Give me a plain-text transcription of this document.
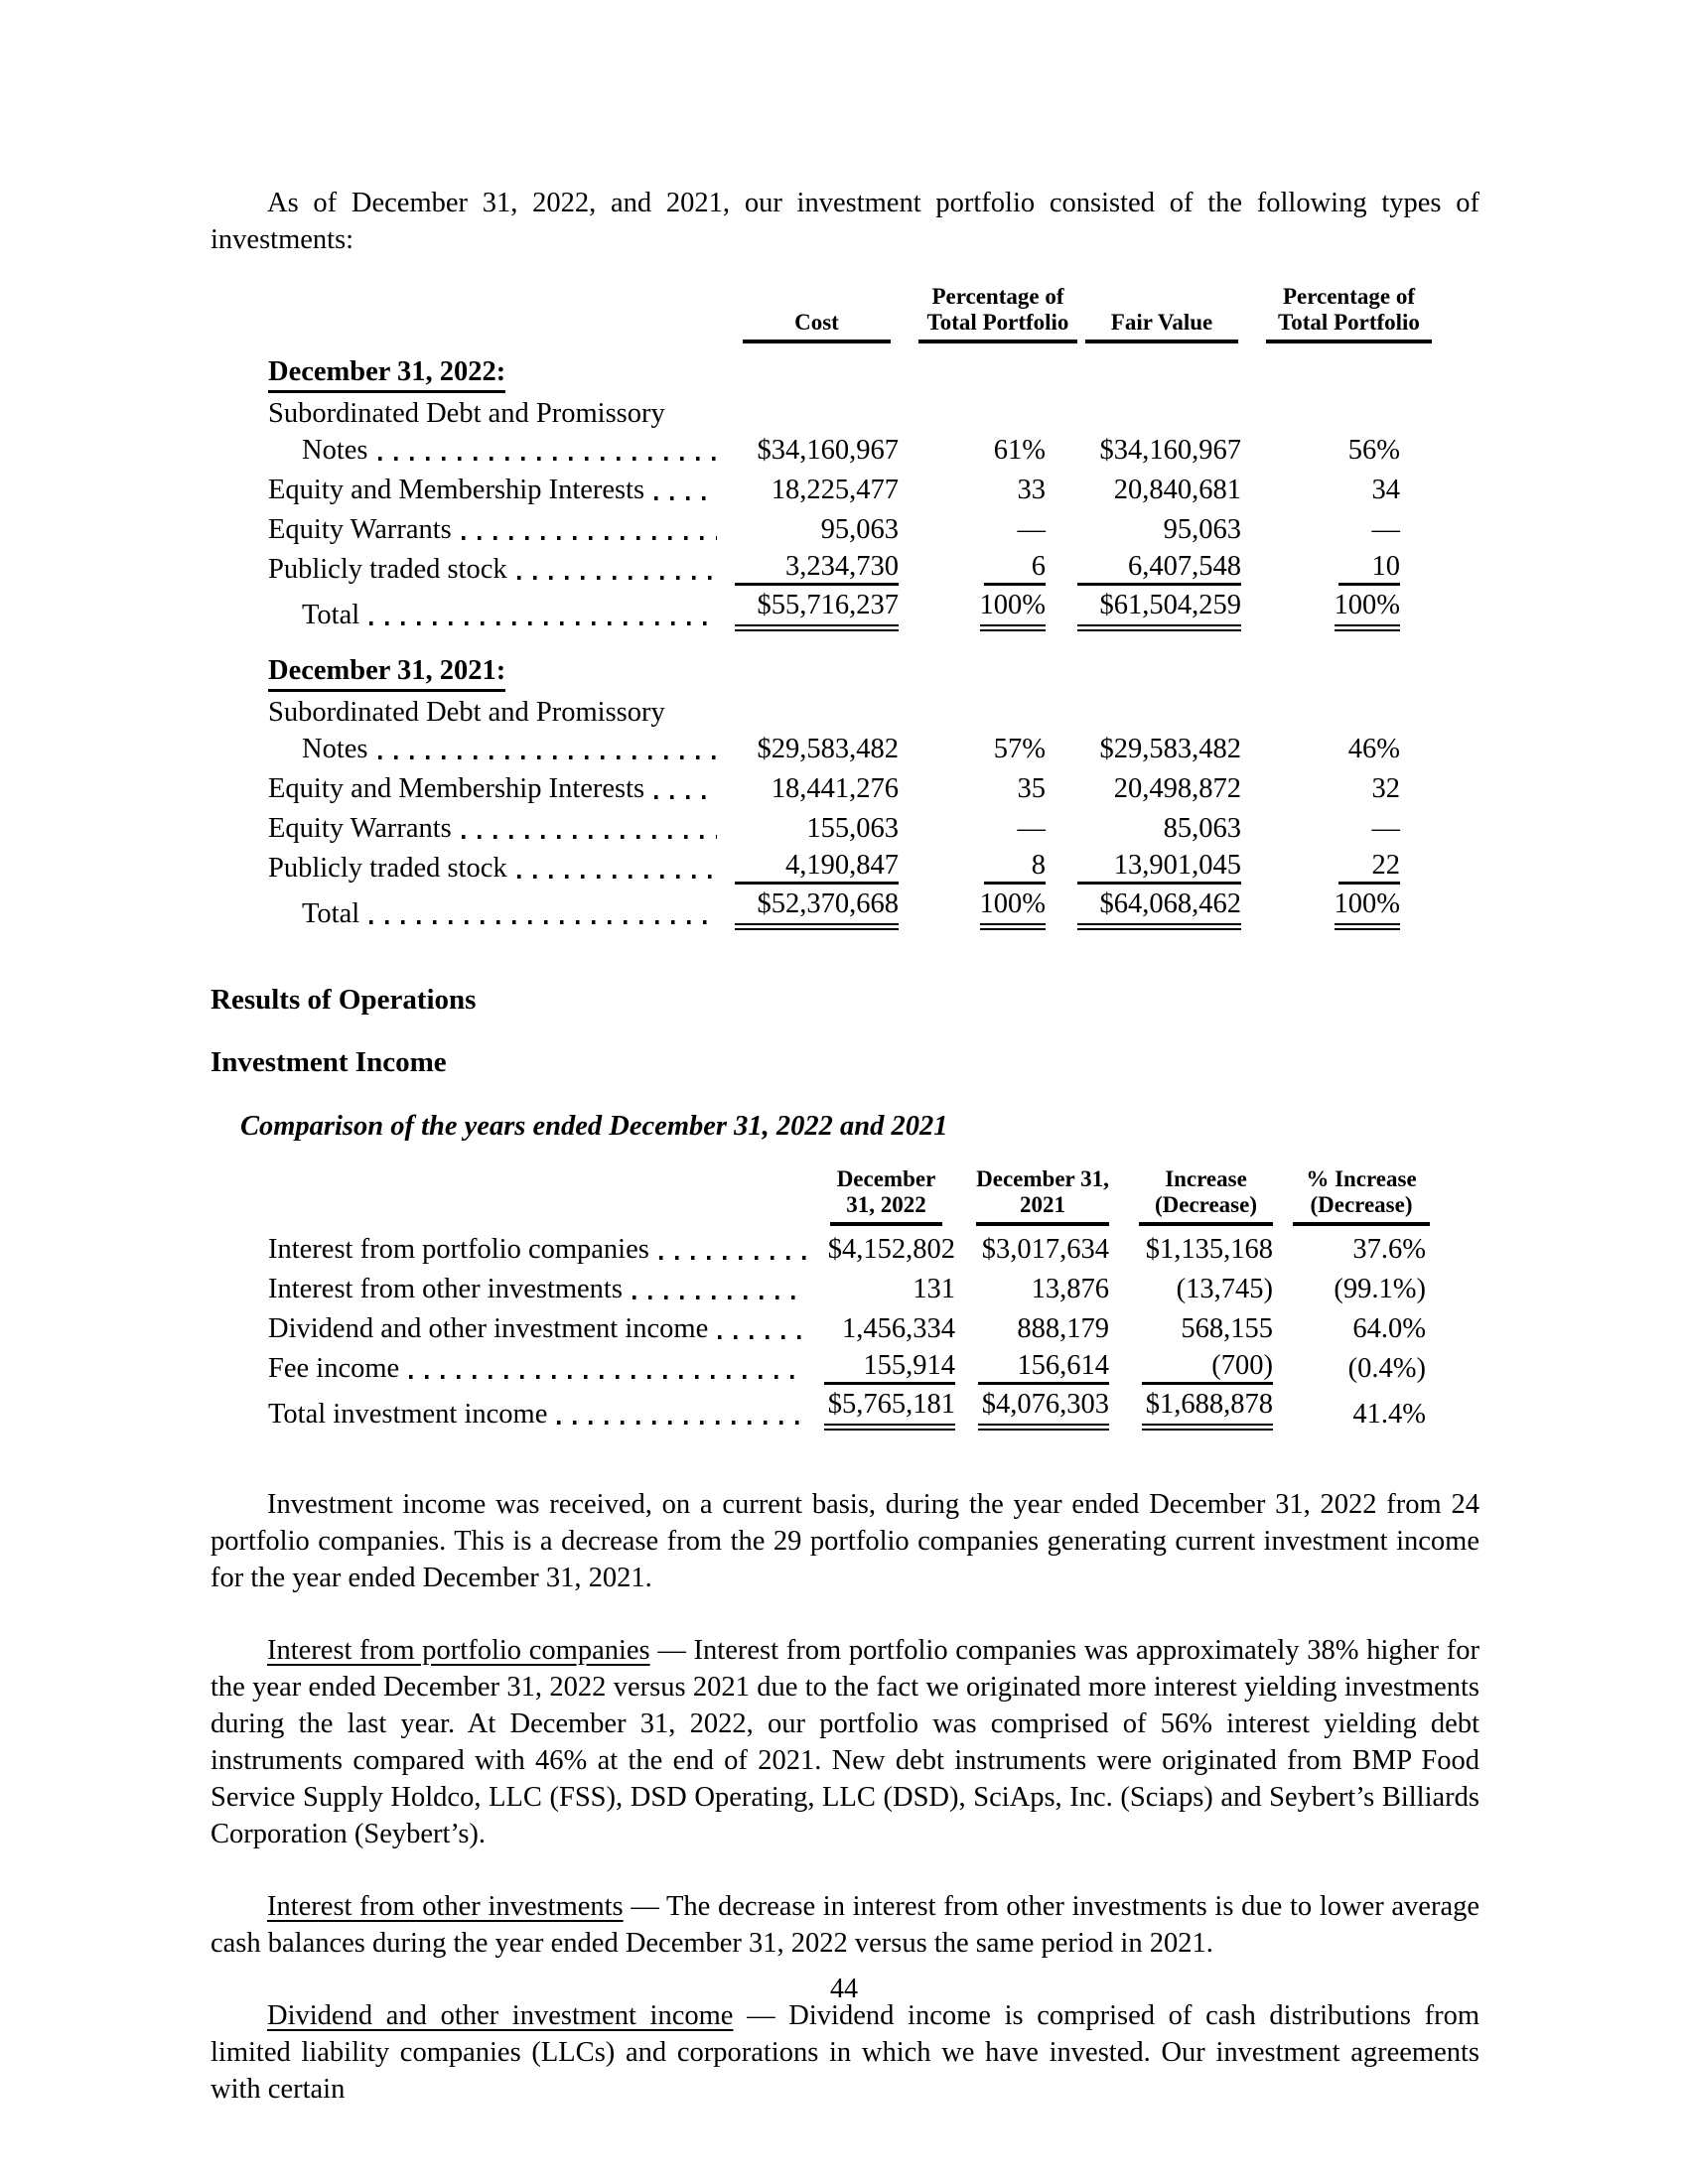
As of December 31, 2022, and 2021, our investment portfolio consisted of the following types of investments:

	Cost	Percentage of Total Portfolio	Fair Value	Percentage of Total Portfolio

December 31, 2022:				
Subordinated Debt and Promissory				

Notes	$34,160,967	61%	$34,160,967	56%

Equity and Membership Interests	18,225,477	33	20,840,681	34

Equity Warrants	95,063	—	95,063	—

Publicly traded stock	3,234,730	6	6,407,548	10

Total	$55,716,237	100%	$61,504,259	100%
December 31, 2021:				
Subordinated Debt and Promissory				

Notes	$29,583,482	57%	$29,583,482	46%

Equity and Membership Interests	18,441,276	35	20,498,872	32

Equity Warrants	155,063	—	85,063	—

Publicly traded stock	4,190,847	8	13,901,045	22

Total	$52,370,668	100%	$64,068,462	100%
Results of Operations
Investment Income
Comparison of the years ended December 31, 2022 and 2021

	December 31, 2022	December 31, 2021	Increase (Decrease)	% Increase (Decrease)

Interest from portfolio companies	$4,152,802	$3,017,634	$1,135,168	37.6%

Interest from other investments	131	13,876	(13,745)	(99.1%)

Dividend and other investment income	1,456,334	888,179	568,155	64.0%

Fee income	155,914	156,614	(700)	(0.4%)

Total investment income	$5,765,181	$4,076,303	$1,688,878	41.4%

Investment income was received, on a current basis, during the year ended December 31, 2022 from 24 portfolio companies. This is a decrease from the 29 portfolio companies generating current investment income for the year ended December 31, 2021.

Interest from portfolio companies — Interest from portfolio companies was approximately 38% higher for the year ended December 31, 2022 versus 2021 due to the fact we originated more interest yielding investments during the last year. At December 31, 2022, our portfolio was comprised of 56% interest yielding debt instruments compared with 46% at the end of 2021. New debt instruments were originated from BMP Food Service Supply Holdco, LLC (FSS), DSD Operating, LLC (DSD), SciAps, Inc. (Sciaps) and Seybert’s Billiards Corporation (Seybert’s).

Interest from other investments — The decrease in interest from other investments is due to lower average cash balances during the year ended December 31, 2022 versus the same period in 2021.

Dividend and other investment income — Dividend income is comprised of cash distributions from limited liability companies (LLCs) and corporations in which we have invested. Our investment agreements with certain

44
